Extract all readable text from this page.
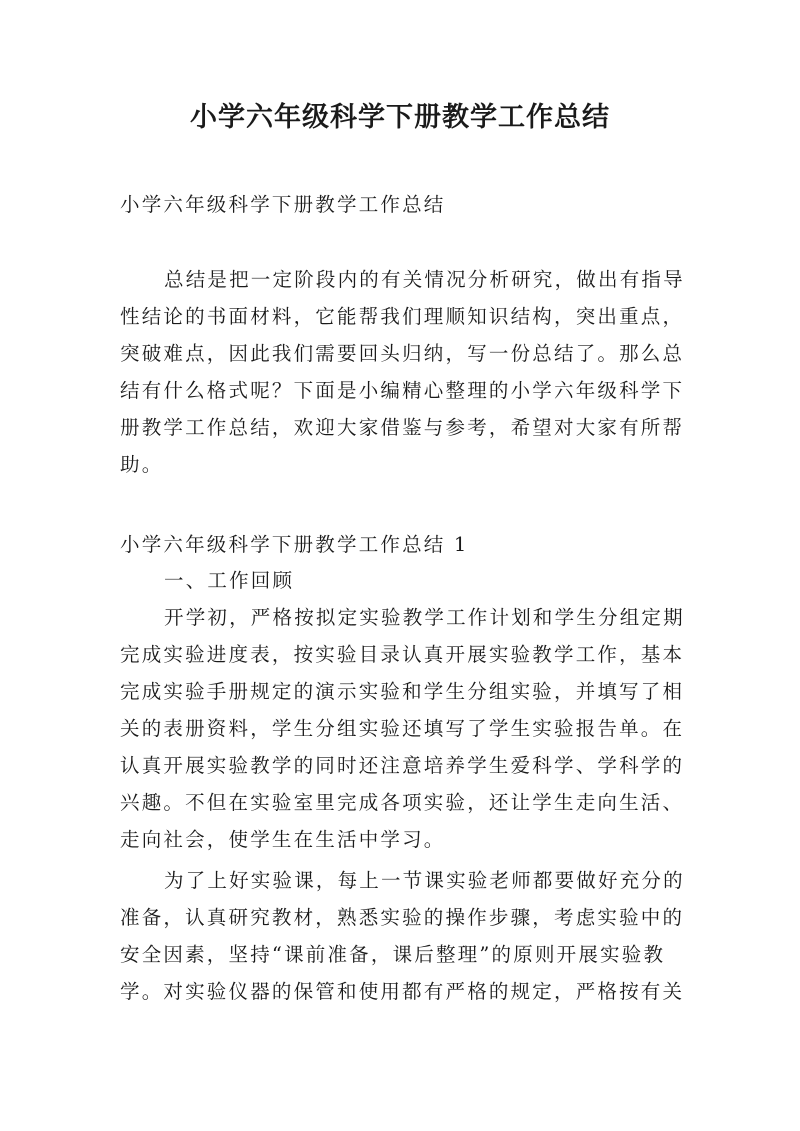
小学六年级科学下册教学工作总结

小学六年级科学下册教学工作总结

总结是把一定阶段内的有关情况分析研究，做出有指导性结论的书面材料，它能帮我们理顺知识结构，突出重点，突破难点，因此我们需要回头归纳，写一份总结了。那么总结有什么格式呢？下面是小编精心整理的小学六年级科学下册教学工作总结，欢迎大家借鉴与参考，希望对大家有所帮助。

小学六年级科学下册教学工作总结 1

一、工作回顾

开学初，严格按拟定实验教学工作计划和学生分组定期完成实验进度表，按实验目录认真开展实验教学工作，基本完成实验手册规定的演示实验和学生分组实验，并填写了相关的表册资料，学生分组实验还填写了学生实验报告单。在认真开展实验教学的同时还注意培养学生爱科学、学科学的兴趣。不但在实验室里完成各项实验，还让学生走向生活、走向社会，使学生在生活中学习。

为了上好实验课，每上一节课实验老师都要做好充分的准备，认真研究教材，熟悉实验的操作步骤，考虑实验中的安全因素，坚持“课前准备，课后整理”的原则开展实验教学。对实验仪器的保管和使用都有严格的规定，严格按有关
